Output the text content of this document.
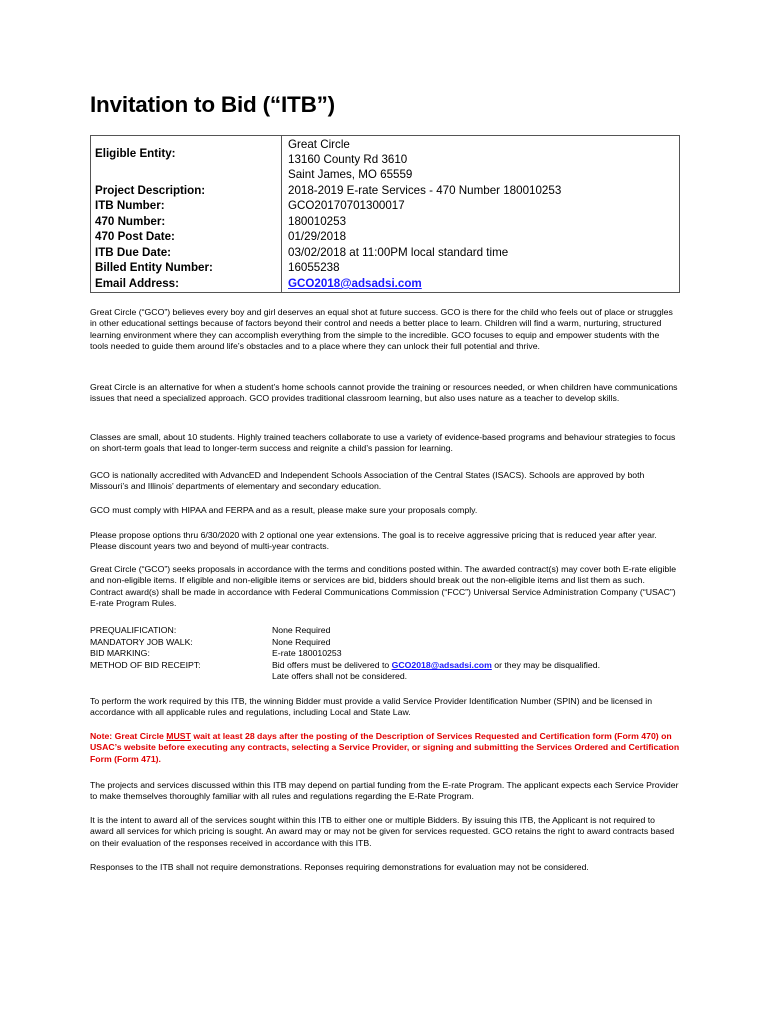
Invitation to Bid (“ITB”)
Eligible Entity:
Great Circle
13160 County Rd 3610
Saint James, MO 65559
Project Description:	2018-2019 E-rate Services - 470 Number 180010253
ITB Number:	GCO20170701300017
470 Number:	180010253
470 Post Date:	01/29/2018
ITB Due Date:	03/02/2018 at 11:00PM local standard time
Billed Entity Number:	16055238
Email Address:	GCO2018@adsadsi.com

Great Circle (“GCO”) believes every boy and girl deserves an equal shot at future success. GCO is there for the child who feels out of place or struggles in other educational settings because of factors beyond their control and needs a better place to learn. Children will find a warm, nurturing, structured learning environment where they can accomplish everything from the simple to the incredible. GCO focuses to equip and empower students with the tools needed to guide them around life’s obstacles and to a place where they can unlock their full potential and thrive.

Great Circle is an alternative for when a student’s home schools cannot provide the training or resources needed, or when children have communications issues that need a specialized approach. GCO provides traditional classroom learning, but also uses nature as a teacher to develop skills.

Classes are small, about 10 students. Highly trained teachers collaborate to use a variety of evidence-based programs and behaviour strategies to focus on short-term goals that lead to longer-term success and reignite a child’s passion for learning.

GCO is nationally accredited with AdvancED and Independent Schools Association of the Central States (ISACS). Schools are approved by both Missouri’s and Illinois’ departments of elementary and secondary education.

GCO must comply with HIPAA and FERPA and as a result, please make sure your proposals comply.

Please propose options thru 6/30/2020 with 2 optional one year extensions. The goal is to receive aggressive pricing that is reduced year after year. Please discount years two and beyond of multi-year contracts.

Great Circle (“GCO”) seeks proposals in accordance with the terms and conditions posted within. The awarded contract(s) may cover both E-rate eligible and non-eligible items. If eligible and non-eligible items or services are bid, bidders should break out the non-eligible items and list them as such. Contract award(s) shall be made in accordance with Federal Communications Commission (“FCC”) Universal Service Administration Company (“USAC”) E-rate Program Rules.

PREQUALIFICATION:	None Required
MANDATORY JOB WALK:	None Required
BID MARKING:	E-rate 180010253
METHOD OF BID RECEIPT:	Bid offers must be delivered to GCO2018@adsadsi.com or they may be disqualified.
Late offers shall not be considered.

To perform the work required by this ITB, the winning Bidder must provide a valid Service Provider Identification Number (SPIN) and be licensed in accordance with all applicable rules and regulations, including Local and State Law.

Note: Great Circle MUST wait at least 28 days after the posting of the Description of Services Requested and Certification form (Form 470) on USAC’s website before executing any contracts, selecting a Service Provider, or signing and submitting the Services Ordered and Certification Form (Form 471).

The projects and services discussed within this ITB may depend on partial funding from the E-rate Program. The applicant expects each Service Provider to make themselves thoroughly familiar with all rules and regulations regarding the E-Rate Program.

It is the intent to award all of the services sought within this ITB to either one or multiple Bidders. By issuing this ITB, the Applicant is not required to award all services for which pricing is sought. An award may or may not be given for services requested. GCO retains the right to award contracts based on their evaluation of the responses received in accordance with this ITB.

Responses to the ITB shall not require demonstrations. Reponses requiring demonstrations for evaluation may not be considered.
